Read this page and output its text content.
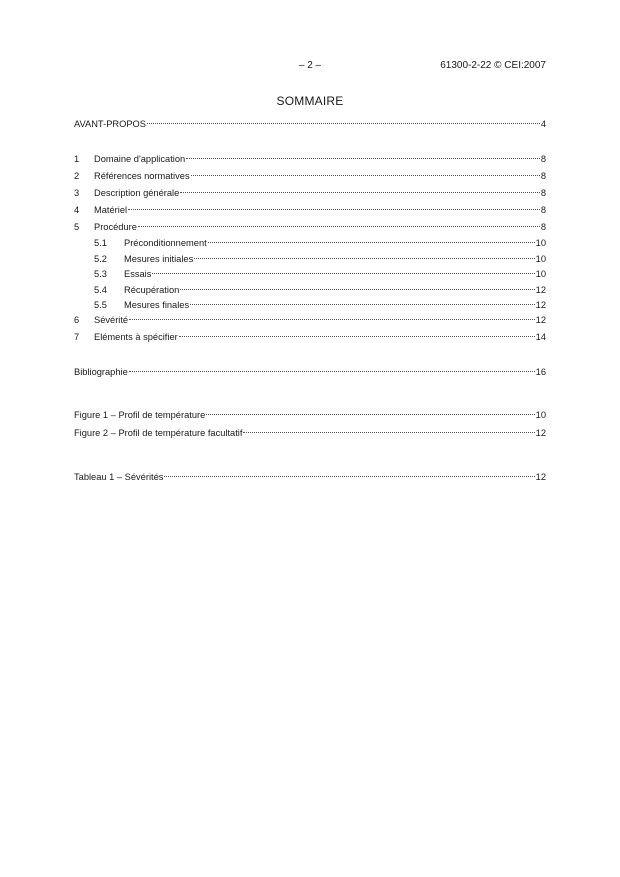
– 2 –	61300-2-22 © CEI:2007
SOMMAIRE
AVANT-PROPOS	4
1	Domaine d'application	8
2	Références normatives	8
3	Description générale	8
4	Matériel	8
5	Procédure	8
5.1	Préconditionnement	10
5.2	Mesures initiales	10
5.3	Essais	10
5.4	Récupération	12
5.5	Mesures finales	12
6	Sévérité	12
7	Eléments à spécifier	14
Bibliographie	16
Figure 1 – Profil de température	10
Figure 2 – Profil de température facultatif	12
Tableau 1 – Sévérités	12
